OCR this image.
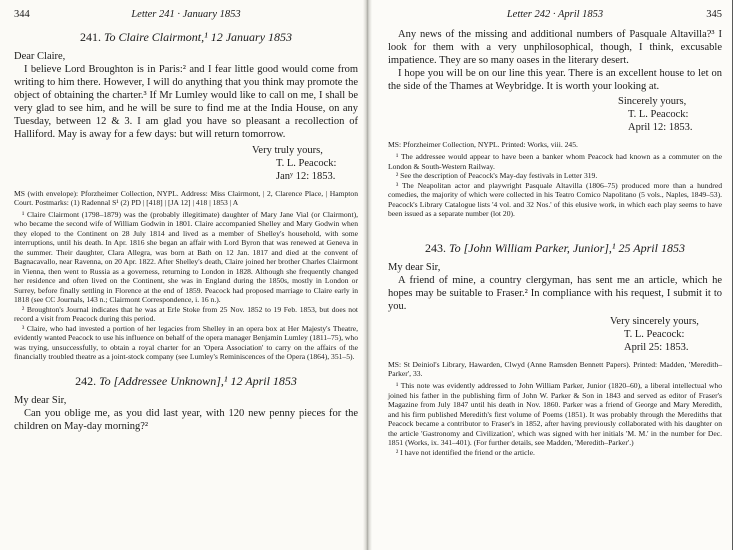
344	Letter 241 · January 1853
241. To Claire Clairmont,¹ 12 January 1853

Dear Claire,

I believe Lord Broughton is in Paris:² and I fear little good would come from writing to him there. However, I will do anything that you think may promote the object of obtaining the charter.³ If Mr Lumley would like to call on me, I shall be very glad to see him, and he will be sure to find me at the India House, on any Tuesday, between 12 & 3. I am glad you have so pleasant a recollection of Halliford. May is away for a few days: but will return tomorrow.

Very truly yours,
T. L. Peacock:
Janʸ 12: 1853.

MS (with envelope): Pforzheimer Collection, NYPL. Address: Miss Clairmont, | 2, Clarence Place, | Hampton Court. Postmarks: (1) Radennal S¹ (2) PD | [418] | [JA 12] | 418 | 1853 | A

¹ Claire Clairmont (1798–1879) was the (probably illegitimate) daughter of Mary Jane Vial (or Clairmont), who became the second wife of William Godwin in 1801. Claire accompanied Shelley and Mary Godwin when they eloped to the Continent on 28 July 1814 and lived as a member of Shelley's household, with some interruptions, until his death. In Apr. 1816 she began an affair with Lord Byron that was renewed at Geneva in the summer. Their daughter, Clara Allegra, was born at Bath on 12 Jan. 1817 and died at the convent of Bagnacavallo, near Ravenna, on 20 Apr. 1822. After Shelley's death, Claire joined her brother Charles Clairmont in Vienna, then went to Russia as a governess, returning to London in 1828. Although she frequently changed her residence and often lived on the Continent, she was in England during the 1850s, mostly in London or Surrey, before finally settling in Florence at the end of 1859. Peacock had proposed marriage to Claire early in 1818 (see CC Journals, 143 n.; Clairmont Correspondence, i. 16 n.).

² Broughton's Journal indicates that he was at Erle Stoke from 25 Nov. 1852 to 19 Feb. 1853, but does not record a visit from Peacock during this period.

³ Claire, who had invested a portion of her legacies from Shelley in an opera box at Her Majesty's Theatre, evidently wanted Peacock to use his influence on behalf of the opera manager Benjamin Lumley (1811–75), who was trying, unsuccessfully, to obtain a royal charter for an 'Opera Association' to carry on the affairs of the financially troubled theatre as a joint-stock company (see Lumley's Reminiscences of the Opera (1864), 351–5).

242. To [Addressee Unknown],¹ 12 April 1853

My dear Sir,

Can you oblige me, as you did last year, with 120 new penny pieces for the children on May-day morning?²

Letter 242 · April 1853	345

Any news of the missing and additional numbers of Pasquale Altavilla?³ I look for them with a very unphilosophical, though, I think, excusable impatience. They are so many oases in the literary desert.

I hope you will be on our line this year. There is an excellent house to let on the side of the Thames at Weybridge. It is worth your looking at.

Sincerely yours,
T. L. Peacock:
April 12: 1853.

MS: Pforzheimer Collection, NYPL. Printed: Works, viii. 245.

¹ The addressee would appear to have been a banker whom Peacock had known as a commuter on the London & South-Western Railway.

² See the description of Peacock's May-day festivals in Letter 319.

³ The Neapolitan actor and playwright Pasquale Altavilla (1806–75) produced more than a hundred comedies, the majority of which were collected in his Teatro Comico Napolitano (5 vols., Naples, 1849–53). Peacock's Library Catalogue lists '4 vol. and 32 Nos.' of this elusive work, in which each play seems to have been issued as a separate number (lot 20).

243. To [John William Parker, Junior],¹ 25 April 1853

My dear Sir,

A friend of mine, a country clergyman, has sent me an article, which he hopes may be suitable to Fraser.² In compliance with his request, I submit it to you.

Very sincerely yours,
T. L. Peacock:
April 25: 1853.

MS: St Deiniol's Library, Hawarden, Clwyd (Anne Ramsden Bennett Papers). Printed: Madden, 'Meredith–Parker', 33.

¹ This note was evidently addressed to John William Parker, Junior (1820–60), a liberal intellectual who joined his father in the publishing firm of John W. Parker & Son in 1843 and served as editor of Fraser's Magazine from July 1847 until his death in Nov. 1860. Parker was a friend of George and Mary Meredith, and his firm published Meredith's first volume of Poems (1851). It was probably through the Merediths that Peacock became a contributor to Fraser's in 1852, after having previously collaborated with his daughter on the article 'Gastronomy and Civilization', which was signed with her initials 'M. M.' in the number for Dec. 1851 (Works, ix. 341–401). (For further details, see Madden, 'Meredith–Parker'.)

² I have not identified the friend or the article.
